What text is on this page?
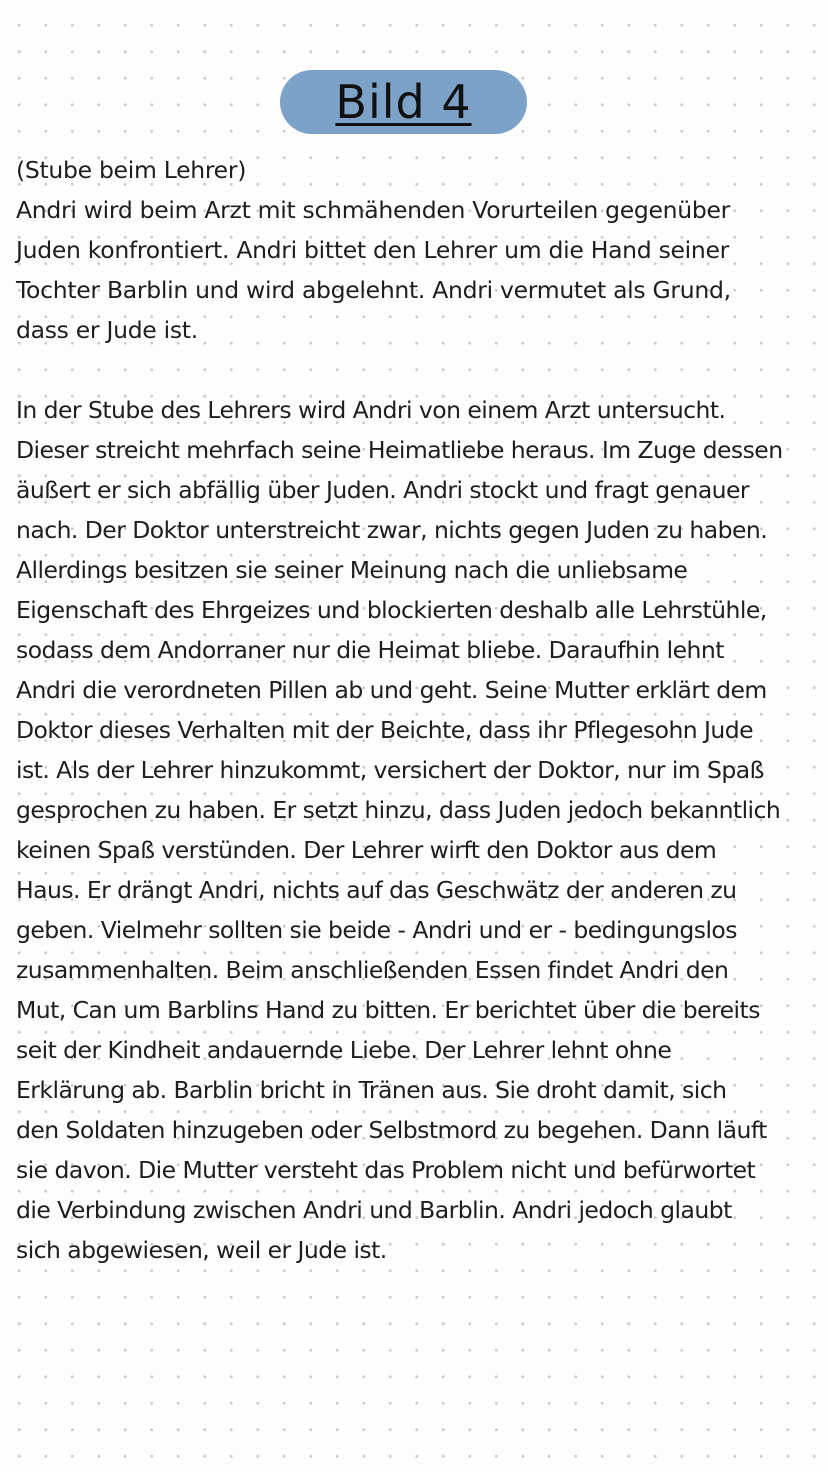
Bild 4
(Stube beim Lehrer)
Andri wird beim Arzt mit schmähenden Vorurteilen gegenüber
Juden konfrontiert. Andri bittet den Lehrer um die Hand seiner
Tochter Barblin und wird abgelehnt. Andri vermutet als Grund,
dass er Jude ist.
In der Stube des Lehrers wird Andri von einem Arzt untersucht.
Dieser streicht mehrfach seine Heimatliebe heraus. Im Zuge dessen
äußert er sich abfällig über Juden. Andri stockt und fragt genauer
nach. Der Doktor unterstreicht zwar, nichts gegen Juden zu haben.
Allerdings besitzen sie seiner Meinung nach die unliebsame
Eigenschaft des Ehrgeizes und blockierten deshalb alle Lehrstühle,
sodass dem Andorraner nur die Heimat bliebe. Daraufhin lehnt
Andri die verordneten Pillen ab und geht. Seine Mutter erklärt dem
Doktor dieses Verhalten mit der Beichte, dass ihr Pflegesohn Jude
ist. Als der Lehrer hinzukommt, versichert der Doktor, nur im Spaß
gesprochen zu haben. Er setzt hinzu, dass Juden jedoch bekanntlich
keinen Spaß verstünden. Der Lehrer wirft den Doktor aus dem
Haus. Er drängt Andri, nichts auf das Geschwätz der anderen zu
geben. Vielmehr sollten sie beide - Andri und er - bedingungslos
zusammenhalten. Beim anschließenden Essen findet Andri den
Mut, Can um Barblins Hand zu bitten. Er berichtet über die bereits
seit der Kindheit andauernde Liebe. Der Lehrer lehnt ohne
Erklärung ab. Barblin bricht in Tränen aus. Sie droht damit, sich
den Soldaten hinzugeben oder Selbstmord zu begehen. Dann läuft
sie davon. Die Mutter versteht das Problem nicht und befürwortet
die Verbindung zwischen Andri und Barblin. Andri jedoch glaubt
sich abgewiesen, weil er Jude ist.
